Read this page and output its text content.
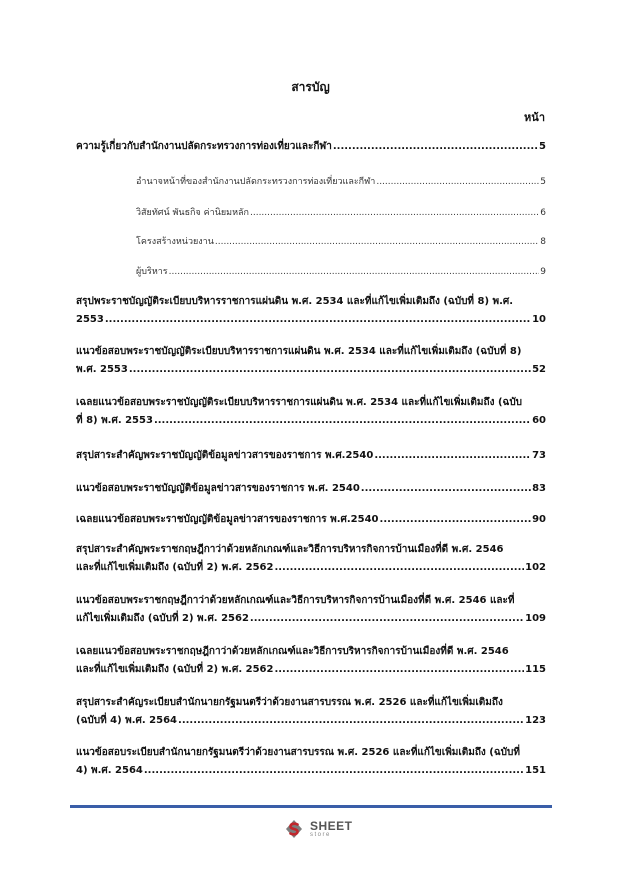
สารบัญ
หน้า
ความรู้เกี่ยวกับสำนักงานปลัดกระทรวงการท่องเที่ยวและกีฬา .....	5
อำนาจหน้าที่ของสำนักงานปลัดกระทรวงการท่องเที่ยวและกีฬา .....	5
วิสัยทัศน์ พันธกิจ ค่านิยมหลัก .....	6
โครงสร้างหน่วยงาน .....	8
ผู้บริหาร .....	9
สรุปพระราชบัญญัติระเบียบบริหารราชการแผ่นดิน พ.ศ. 2534 และที่แก้ไขเพิ่มเติมถึง (ฉบับที่ 8) พ.ศ.
2553 .....	10
แนวข้อสอบพระราชบัญญัติระเบียบบริหารราชการแผ่นดิน พ.ศ. 2534 และที่แก้ไขเพิ่มเติมถึง (ฉบับที่ 8)
พ.ศ. 2553 .....	52
เฉลยแนวข้อสอบพระราชบัญญัติระเบียบบริหารราชการแผ่นดิน พ.ศ. 2534 และที่แก้ไขเพิ่มเติมถึง (ฉบับ
ที่ 8) พ.ศ. 2553 .....	60
สรุปสาระสำคัญพระราชบัญญัติข้อมูลข่าวสารของราชการ พ.ศ.2540 .....	73
แนวข้อสอบพระราชบัญญัติข้อมูลข่าวสารของราชการ พ.ศ. 2540 .....	83
เฉลยแนวข้อสอบพระราชบัญญัติข้อมูลข่าวสารของราชการ พ.ศ.2540 .....	90
สรุปสาระสำคัญพระราชกฤษฎีกาว่าด้วยหลักเกณฑ์และวิธีการบริหารกิจการบ้านเมืองที่ดี พ.ศ. 2546
และที่แก้ไขเพิ่มเติมถึง (ฉบับที่ 2) พ.ศ. 2562 .....	102
แนวข้อสอบพระราชกฤษฎีกาว่าด้วยหลักเกณฑ์และวิธีการบริหารกิจการบ้านเมืองที่ดี พ.ศ. 2546 และที่
แก้ไขเพิ่มเติมถึง (ฉบับที่ 2) พ.ศ. 2562 .....	109
เฉลยแนวข้อสอบพระราชกฤษฎีกาว่าด้วยหลักเกณฑ์และวิธีการบริหารกิจการบ้านเมืองที่ดี พ.ศ. 2546
และที่แก้ไขเพิ่มเติมถึง (ฉบับที่ 2) พ.ศ. 2562 .....	115
สรุปสาระสำคัญระเบียบสำนักนายกรัฐมนตรีว่าด้วยงานสารบรรณ พ.ศ. 2526 และที่แก้ไขเพิ่มเติมถึง
(ฉบับที่ 4) พ.ศ. 2564 .....	123
แนวข้อสอบระเบียบสำนักนายกรัฐมนตรีว่าด้วยงานสารบรรณ พ.ศ. 2526 และที่แก้ไขเพิ่มเติมถึง (ฉบับที่
4) พ.ศ. 2564 .....	151
SHEET
store
